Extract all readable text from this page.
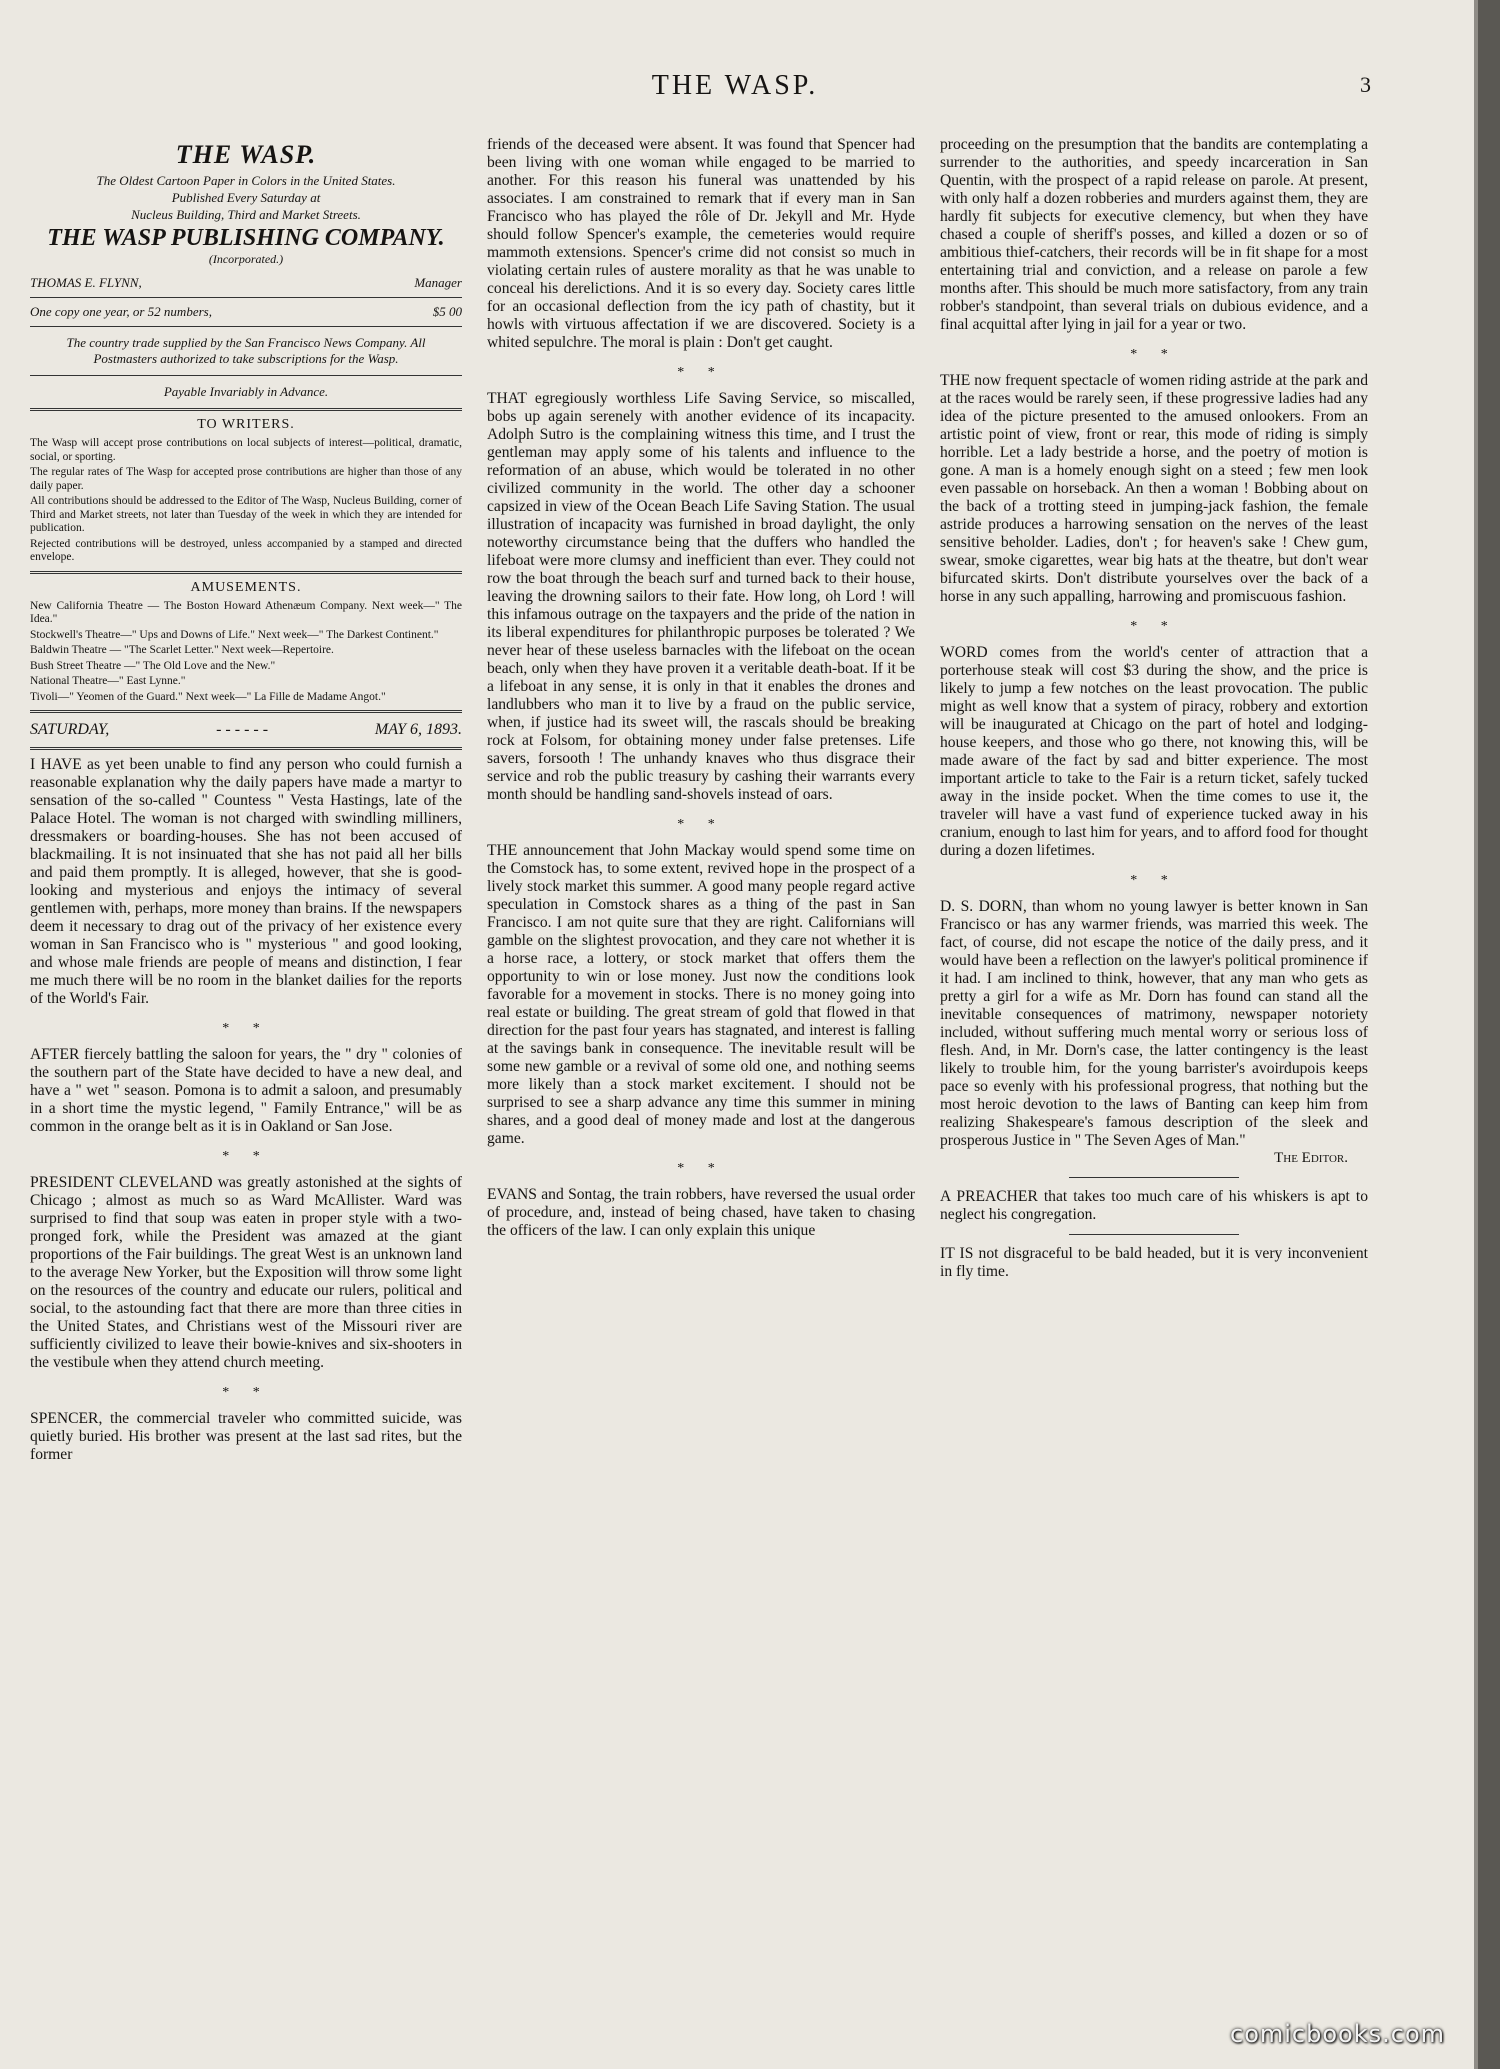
THE WASP.	3
THE WASP.
The Oldest Cartoon Paper in Colors in the United States.
Published Every Saturday at
Nucleus Building, Third and Market Streets.
THE WASP PUBLISHING COMPANY.
(Incorporated.)
THOMAS E. FLYNN,	Manager
One copy one year, or 52 numbers,	$5 00
The country trade supplied by the San Francisco News Company. All Postmasters authorized to take subscriptions for the Wasp.
Payable Invariably in Advance.
TO WRITERS.

The Wasp will accept prose contributions on local subjects of interest—political, dramatic, social, or sporting.

The regular rates of The Wasp for accepted prose contributions are higher than those of any daily paper.

All contributions should be addressed to the Editor of The Wasp, Nucleus Building, corner of Third and Market streets, not later than Tuesday of the week in which they are intended for publication.

Rejected contributions will be destroyed, unless accompanied by a stamped and directed envelope.

AMUSEMENTS.

New California Theatre — The Boston Howard Athenæum Company. Next week—" The Idea."

Stockwell's Theatre—" Ups and Downs of Life." Next week—" The Darkest Continent."

Baldwin Theatre — "The Scarlet Letter." Next week—Repertoire.

Bush Street Theatre —" The Old Love and the New."

National Theatre—" East Lynne."

Tivoli—" Yeomen of the Guard." Next week—" La Fille de Madame Angot."

SATURDAY,	- - - - - -	MAY 6, 1893.

I HAVE as yet been unable to find any person who could furnish a reasonable explanation why the daily papers have made a martyr to sensation of the so-called " Countess " Vesta Hastings, late of the Palace Hotel. The woman is not charged with swindling milliners, dressmakers or boarding-houses. She has not been accused of blackmailing. It is not insinuated that she has not paid all her bills and paid them promptly. It is alleged, however, that she is good-looking and mysterious and enjoys the intimacy of several gentlemen with, perhaps, more money than brains. If the newspapers deem it necessary to drag out of the privacy of her existence every woman in San Francisco who is " mysterious " and good looking, and whose male friends are people of means and distinction, I fear me much there will be no room in the blanket dailies for the reports of the World's Fair.

* *

AFTER fiercely battling the saloon for years, the " dry " colonies of the southern part of the State have decided to have a new deal, and have a " wet " season. Pomona is to admit a saloon, and presumably in a short time the mystic legend, " Family Entrance," will be as common in the orange belt as it is in Oakland or San Jose.

* *

PRESIDENT CLEVELAND was greatly astonished at the sights of Chicago ; almost as much so as Ward McAllister. Ward was surprised to find that soup was eaten in proper style with a two-pronged fork, while the President was amazed at the giant proportions of the Fair buildings. The great West is an unknown land to the average New Yorker, but the Exposition will throw some light on the resources of the country and educate our rulers, political and social, to the astounding fact that there are more than three cities in the United States, and Christians west of the Missouri river are sufficiently civilized to leave their bowie-knives and six-shooters in the vestibule when they attend church meeting.

* *

SPENCER, the commercial traveler who committed suicide, was quietly buried. His brother was present at the last sad rites, but the former

friends of the deceased were absent. It was found that Spencer had been living with one woman while engaged to be married to another. For this reason his funeral was unattended by his associates. I am constrained to remark that if every man in San Francisco who has played the rôle of Dr. Jekyll and Mr. Hyde should follow Spencer's example, the cemeteries would require mammoth extensions. Spencer's crime did not consist so much in violating certain rules of austere morality as that he was unable to conceal his derelictions. And it is so every day. Society cares little for an occasional deflection from the icy path of chastity, but it howls with virtuous affectation if we are discovered. Society is a whited sepulchre. The moral is plain : Don't get caught.

* *

THAT egregiously worthless Life Saving Service, so miscalled, bobs up again serenely with another evidence of its incapacity. Adolph Sutro is the complaining witness this time, and I trust the gentleman may apply some of his talents and influence to the reformation of an abuse, which would be tolerated in no other civilized community in the world. The other day a schooner capsized in view of the Ocean Beach Life Saving Station. The usual illustration of incapacity was furnished in broad daylight, the only noteworthy circumstance being that the duffers who handled the lifeboat were more clumsy and inefficient than ever. They could not row the boat through the beach surf and turned back to their house, leaving the drowning sailors to their fate. How long, oh Lord ! will this infamous outrage on the taxpayers and the pride of the nation in its liberal expenditures for philanthropic purposes be tolerated ? We never hear of these useless barnacles with the lifeboat on the ocean beach, only when they have proven it a veritable death-boat. If it be a lifeboat in any sense, it is only in that it enables the drones and landlubbers who man it to live by a fraud on the public service, when, if justice had its sweet will, the rascals should be breaking rock at Folsom, for obtaining money under false pretenses. Life savers, forsooth ! The unhandy knaves who thus disgrace their service and rob the public treasury by cashing their warrants every month should be handling sand-shovels instead of oars.

* *

THE announcement that John Mackay would spend some time on the Comstock has, to some extent, revived hope in the prospect of a lively stock market this summer. A good many people regard active speculation in Comstock shares as a thing of the past in San Francisco. I am not quite sure that they are right. Californians will gamble on the slightest provocation, and they care not whether it is a horse race, a lottery, or stock market that offers them the opportunity to win or lose money. Just now the conditions look favorable for a movement in stocks. There is no money going into real estate or building. The great stream of gold that flowed in that direction for the past four years has stagnated, and interest is falling at the savings bank in consequence. The inevitable result will be some new gamble or a revival of some old one, and nothing seems more likely than a stock market excitement. I should not be surprised to see a sharp advance any time this summer in mining shares, and a good deal of money made and lost at the dangerous game.

* *

EVANS and Sontag, the train robbers, have reversed the usual order of procedure, and, instead of being chased, have taken to chasing the officers of the law. I can only explain this unique

proceeding on the presumption that the bandits are contemplating a surrender to the authorities, and speedy incarceration in San Quentin, with the prospect of a rapid release on parole. At present, with only half a dozen robberies and murders against them, they are hardly fit subjects for executive clemency, but when they have chased a couple of sheriff's posses, and killed a dozen or so of ambitious thief-catchers, their records will be in fit shape for a most entertaining trial and conviction, and a release on parole a few months after. This should be much more satisfactory, from any train robber's standpoint, than several trials on dubious evidence, and a final acquittal after lying in jail for a year or two.

* *

THE now frequent spectacle of women riding astride at the park and at the races would be rarely seen, if these progressive ladies had any idea of the picture presented to the amused onlookers. From an artistic point of view, front or rear, this mode of riding is simply horrible. Let a lady bestride a horse, and the poetry of motion is gone. A man is a homely enough sight on a steed ; few men look even passable on horseback. An then a woman ! Bobbing about on the back of a trotting steed in jumping-jack fashion, the female astride produces a harrowing sensation on the nerves of the least sensitive beholder. Ladies, don't ; for heaven's sake ! Chew gum, swear, smoke cigarettes, wear big hats at the theatre, but don't wear bifurcated skirts. Don't distribute yourselves over the back of a horse in any such appalling, harrowing and promiscuous fashion.

* *

WORD comes from the world's center of attraction that a porterhouse steak will cost $3 during the show, and the price is likely to jump a few notches on the least provocation. The public might as well know that a system of piracy, robbery and extortion will be inaugurated at Chicago on the part of hotel and lodging-house keepers, and those who go there, not knowing this, will be made aware of the fact by sad and bitter experience. The most important article to take to the Fair is a return ticket, safely tucked away in the inside pocket. When the time comes to use it, the traveler will have a vast fund of experience tucked away in his cranium, enough to last him for years, and to afford food for thought during a dozen lifetimes.

* *

D. S. DORN, than whom no young lawyer is better known in San Francisco or has any warmer friends, was married this week. The fact, of course, did not escape the notice of the daily press, and it would have been a reflection on the lawyer's political prominence if it had. I am inclined to think, however, that any man who gets as pretty a girl for a wife as Mr. Dorn has found can stand all the inevitable consequences of matrimony, newspaper notoriety included, without suffering much mental worry or serious loss of flesh. And, in Mr. Dorn's case, the latter contingency is the least likely to trouble him, for the young barrister's avoirdupois keeps pace so evenly with his professional progress, that nothing but the most heroic devotion to the laws of Banting can keep him from realizing Shakespeare's famous description of the sleek and prosperous Justice in " The Seven Ages of Man."

The Editor.

A PREACHER that takes too much care of his whiskers is apt to neglect his congregation.

IT IS not disgraceful to be bald headed, but it is very inconvenient in fly time.

comicbooks.com
